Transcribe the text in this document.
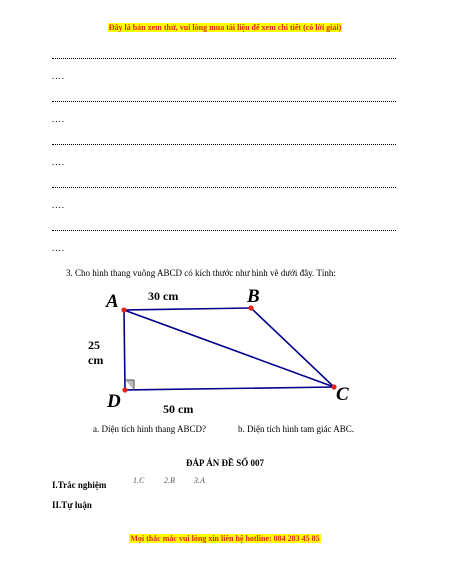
Đây là bản xem thử, vui lòng mua tài liệu để xem chi tiết (có lời giải)
....
....
....
....
....
3. Cho hình thang vuông ABCD có kích thước như hình vẽ dưới đây. Tính:
A	B
C
D
30 cm
25
cm
50 cm
a. Diện tích hình thang ABCD?	b. Diện tích hình tam giác ABC.
ĐÁP ÁN ĐỀ SỐ 007
I.Trắc nghiệm	1.C 2.B 3.A
II.Tự luận
Mọi thắc mắc vui lòng xin liên hệ hotline: 084 283 45 85
